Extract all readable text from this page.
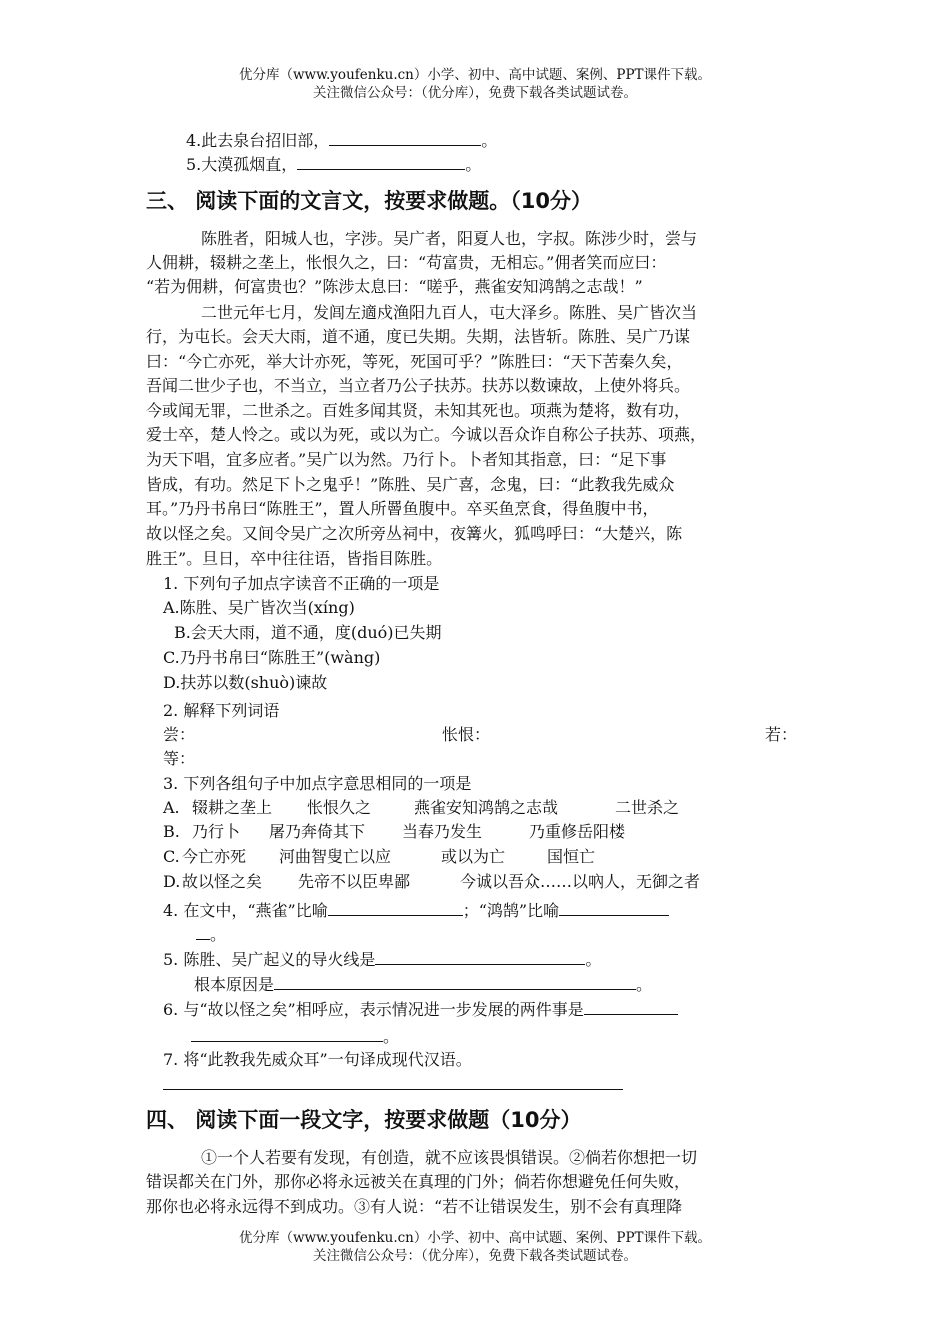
优分库（www.youfenku.cn）小学、初中、高中试题、案例、PPT课件下载。
关注微信公众号：（优分库），免费下载各类试题试卷。
4.此去泉台招旧部，	。
5.大漠孤烟直，	。
三、 阅读下面的文言文，按要求做题。（10分）
陈胜者，阳城人也，字涉。吴广者，阳夏人也，字叔。陈涉少时，尝与
人佣耕，辍耕之垄上，怅恨久之，曰：“苟富贵，无相忘。”佣者笑而应曰：
“若为佣耕，何富贵也？”陈涉太息曰：“嗟乎，燕雀安知鸿鹄之志哉！”
二世元年七月，发闾左適戍渔阳九百人，屯大泽乡。陈胜、吴广皆次当
行，为屯长。会天大雨，道不通，度已失期。失期，法皆斩。陈胜、吴广乃谋
曰：“今亡亦死，举大计亦死，等死，死国可乎？”陈胜曰：“天下苦秦久矣，
吾闻二世少子也，不当立，当立者乃公子扶苏。扶苏以数谏故，上使外将兵。
今或闻无罪，二世杀之。百姓多闻其贤，未知其死也。项燕为楚将，数有功，
爱士卒，楚人怜之。或以为死，或以为亡。今诚以吾众诈自称公子扶苏、项燕，
为天下唱，宜多应者。”吴广以为然。乃行卜。卜者知其指意，曰：“足下事
皆成，有功。然足下卜之鬼乎！”陈胜、吴广喜，念鬼，曰：“此教我先威众
耳。”乃丹书帛曰“陈胜王”，置人所罾鱼腹中。卒买鱼烹食，得鱼腹中书，
故以怪之矣。又间令吴广之次所旁丛祠中，夜篝火，狐鸣呼曰：“大楚兴，陈
胜王”。旦日，卒中往往语，皆指目陈胜。
1. 下列句子加点字读音不正确的一项是
A.陈胜、吴广皆次当(xíng)
B.会天大雨，道不通，度(duó)已失期
C.乃丹书帛曰“陈胜王”(wàng)
D.扶苏以数(shuò)谏故
2. 解释下列词语
尝：	怅恨：	若：
等：
3. 下列各组句子中加点字意思相同的一项是
A. 辍耕之垄上 怅恨久之	燕雀安知鸿鹄之志哉	二世杀之
B. 乃行卜 屠乃奔倚其下 当春乃发生	乃重修岳阳楼
C. 今亡亦死 河曲智叟亡以应	或以为亡	国恒亡
D. 故以怪之矣 先帝不以臣卑鄙	今诚以吾众……以吶人，无御之者
4. 在文中，“燕雀”比喻	；“鸿鹄”比喻
。
5. 陈胜、吴广起义的导火线是	。
根本原因是	。
6. 与“故以怪之矣”相呼应，表示情况进一步发展的两件事是
。
7. 将“此教我先威众耳”一句译成现代汉语。
四、 阅读下面一段文字，按要求做题（10分）
①一个人若要有发现，有创造，就不应该畏惧错误。②倘若你想把一切
错误都关在门外，那你必将永远被关在真理的门外；倘若你想避免任何失败，
那你也必将永远得不到成功。③有人说：“若不让错误发生，别不会有真理降
优分库（www.youfenku.cn）小学、初中、高中试题、案例、PPT课件下载。
关注微信公众号：（优分库），免费下载各类试题试卷。
